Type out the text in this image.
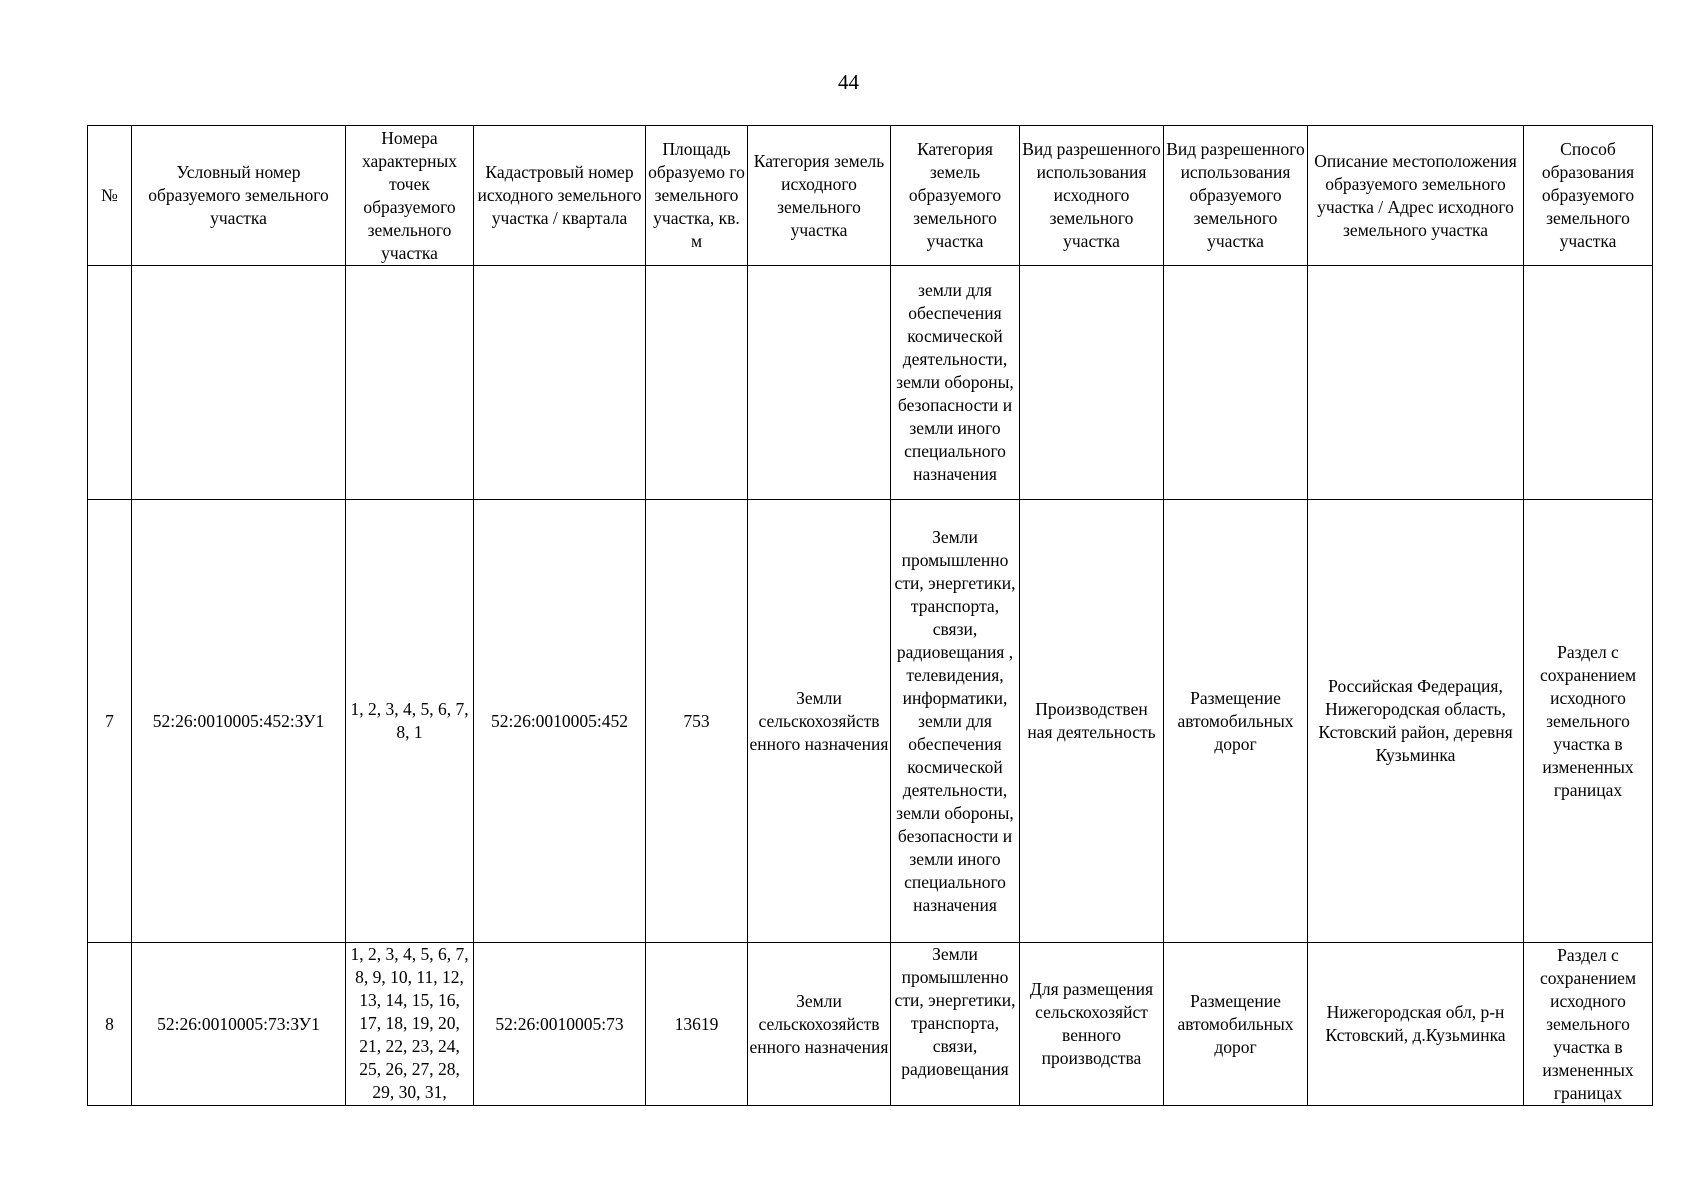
44
№	Условный номер образуемого земельного участка	Номера характерных точек образуемого земельного участка	Кадастровый номер исходного земельного участка / квартала	Площадь образуемо го земельного участка, кв. м	Категория земель исходного земельного участка	Категория земель образуемого земельного участка	Вид разрешенного использования исходного земельного участка	Вид разрешенного использования образуемого земельного участка	Описание местоположения образуемого земельного участка / Адрес исходного земельного участка	Способ образования образуемого земельного участка
						земли для обеспечения космической деятельности, земли обороны, безопасности и земли иного специального назначения				
7	52:26:0010005:452:ЗУ1	1, 2, 3, 4, 5, 6, 7, 8, 1	52:26:0010005:452	753	Земли сельскохозяйств енного назначения	Земли промышленно сти, энергетики, транспорта, связи, радиовещания , телевидения, информатики, земли для обеспечения космической деятельности, земли обороны, безопасности и земли иного специального назначения	Производствен ная деятельность	Размещение автомобильных дорог	Российская Федерация, Нижегородская область, Кстовский район, деревня Кузьминка	Раздел с сохранением исходного земельного участка в измененных границах
8	52:26:0010005:73:ЗУ1	1, 2, 3, 4, 5, 6, 7, 8, 9, 10, 11, 12, 13, 14, 15, 16, 17, 18, 19, 20, 21, 22, 23, 24, 25, 26, 27, 28, 29, 30, 31,	52:26:0010005:73	13619	Земли сельскохозяйств енного назначения	Земли промышленно сти, энергетики, транспорта, связи, радиовещания	Для размещения сельскохозяйст венного производства	Размещение автомобильных дорог	Нижегородская обл, р-н Кстовский, д.Кузьминка	Раздел с сохранением исходного земельного участка в измененных границах
